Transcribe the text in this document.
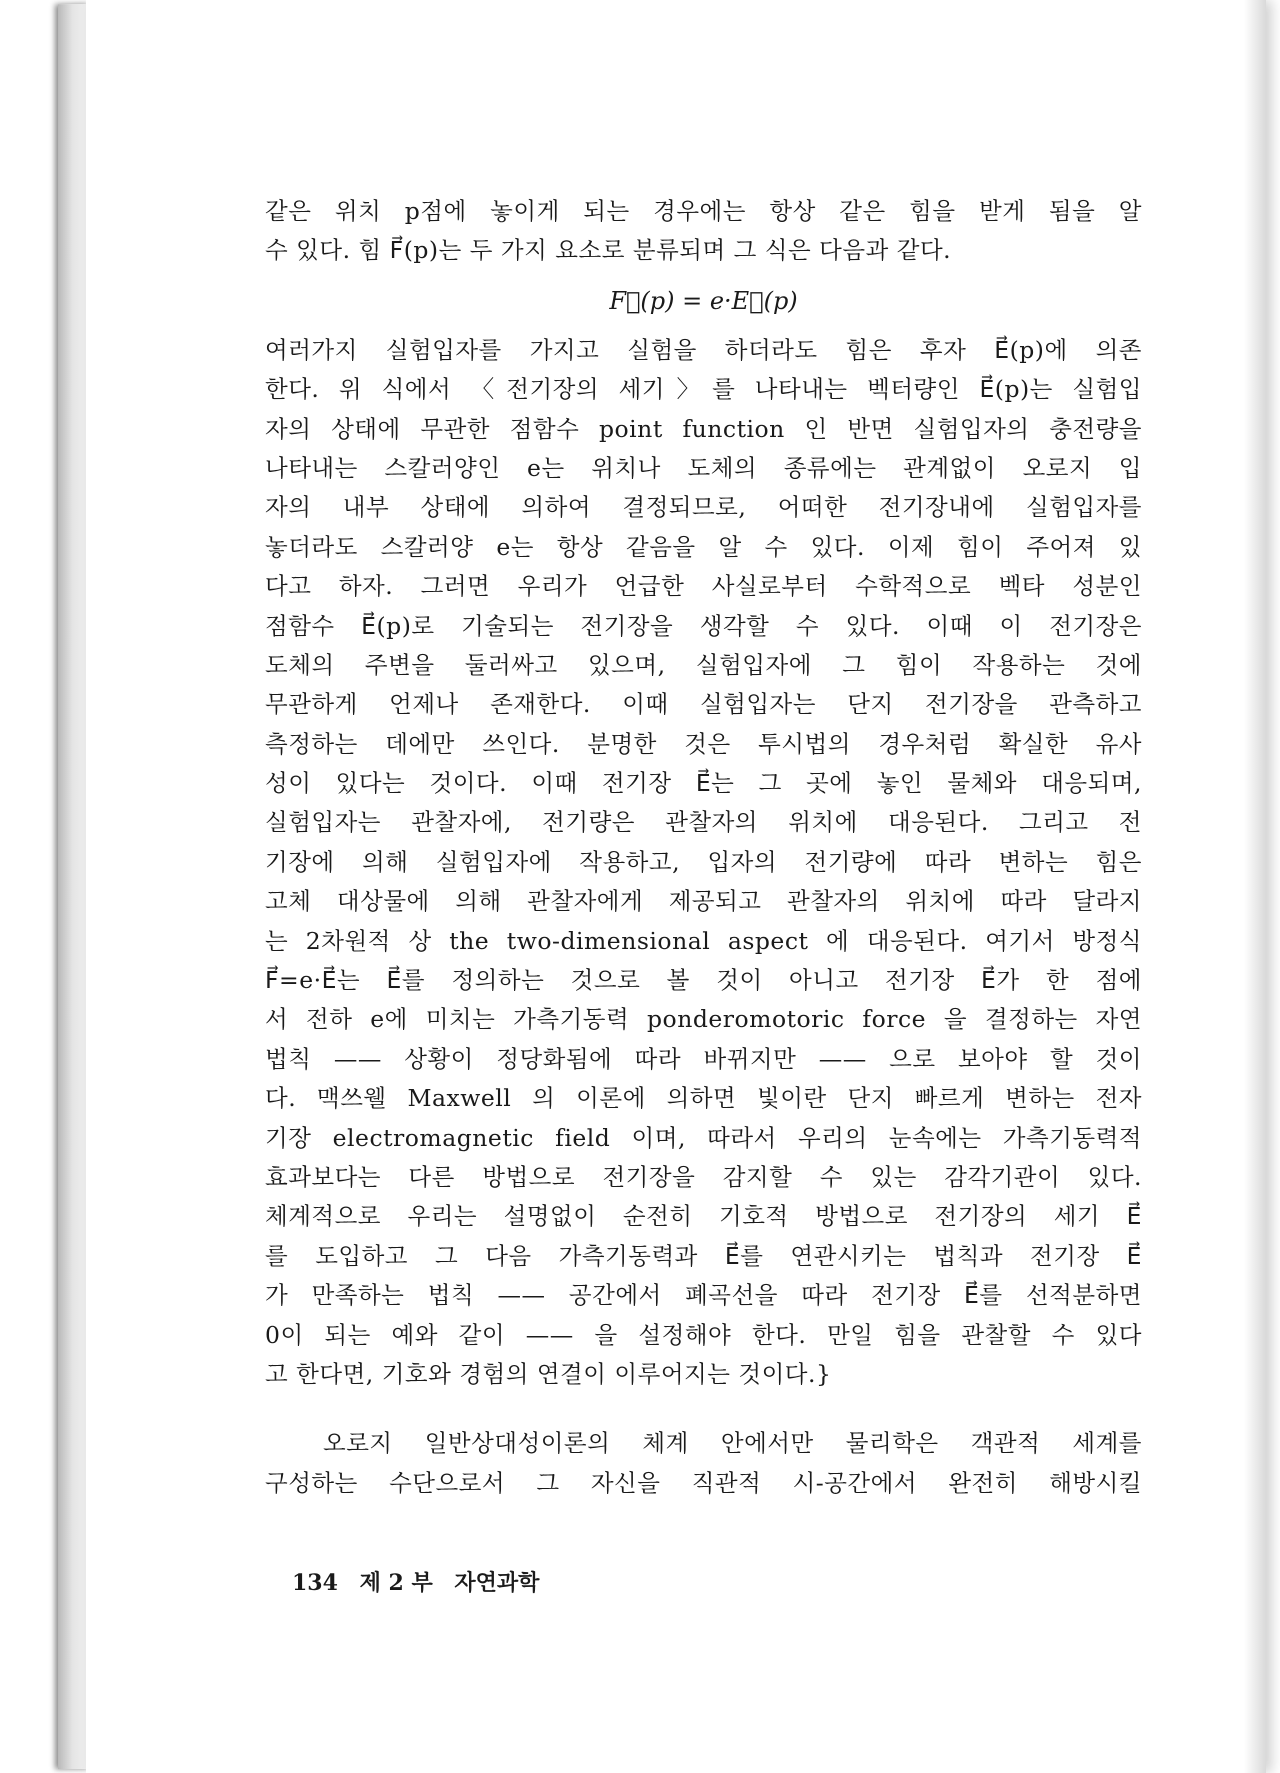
같은 위치 p점에 놓이게 되는 경우에는 항상 같은 힘을 받게 됨을 알
수 있다. 힘 F⃗(p)는 두 가지 요소로 분류되며 그 식은 다음과 같다.
F⃗(p) = e·E⃗(p)
여러가지 실험입자를 가지고 실험을 하더라도 힘은 후자 E⃗(p)에 의존
한다. 위 식에서 〈전기장의 세기〉를 나타내는 벡터량인 E⃗(p)는 실험입
자의 상태에 무관한 점함수 point function 인 반면 실험입자의 충전량을
나타내는 스칼러양인 e는 위치나 도체의 종류에는 관계없이 오로지 입
자의 내부 상태에 의하여 결정되므로, 어떠한 전기장내에 실험입자를
놓더라도 스칼러양 e는 항상 같음을 알 수 있다. 이제 힘이 주어져 있
다고 하자. 그러면 우리가 언급한 사실로부터 수학적으로 벡타 성분인
점함수 E⃗(p)로 기술되는 전기장을 생각할 수 있다. 이때 이 전기장은
도체의 주변을 둘러싸고 있으며, 실험입자에 그 힘이 작용하는 것에
무관하게 언제나 존재한다. 이때 실험입자는 단지 전기장을 관측하고
측정하는 데에만 쓰인다. 분명한 것은 투시법의 경우처럼 확실한 유사
성이 있다는 것이다. 이때 전기장 E⃗는 그 곳에 놓인 물체와 대응되며,
실험입자는 관찰자에, 전기량은 관찰자의 위치에 대응된다. 그리고 전
기장에 의해 실험입자에 작용하고, 입자의 전기량에 따라 변하는 힘은
고체 대상물에 의해 관찰자에게 제공되고 관찰자의 위치에 따라 달라지
는 2차원적 상 the two-dimensional aspect 에 대응된다. 여기서 방정식
F⃗=e·E⃗는 E⃗를 정의하는 것으로 볼 것이 아니고 전기장 E⃗가 한 점에
서 전하 e에 미치는 가측기동력 ponderomotoric force 을 결정하는 자연
법칙 —— 상황이 정당화됨에 따라 바뀌지만 —— 으로 보아야 할 것이
다. 맥쓰웰 Maxwell 의 이론에 의하면 빛이란 단지 빠르게 변하는 전자
기장 electromagnetic field 이며, 따라서 우리의 눈속에는 가측기동력적
효과보다는 다른 방법으로 전기장을 감지할 수 있는 감각기관이 있다.
체계적으로 우리는 설명없이 순전히 기호적 방법으로 전기장의 세기 E⃗
를 도입하고 그 다음 가측기동력과 E⃗를 연관시키는 법칙과 전기장 E⃗
가 만족하는 법칙 —— 공간에서 폐곡선을 따라 전기장 E⃗를 선적분하면
0이 되는 예와 같이 —— 을 설정해야 한다. 만일 힘을 관찰할 수 있다
고 한다면, 기호와 경험의 연결이 이루어지는 것이다.}
오로지 일반상대성이론의 체계 안에서만 물리학은 객관적 세계를
구성하는 수단으로서 그 자신을 직관적 시-공간에서 완전히 해방시킬
134 제 2 부 자연과학
